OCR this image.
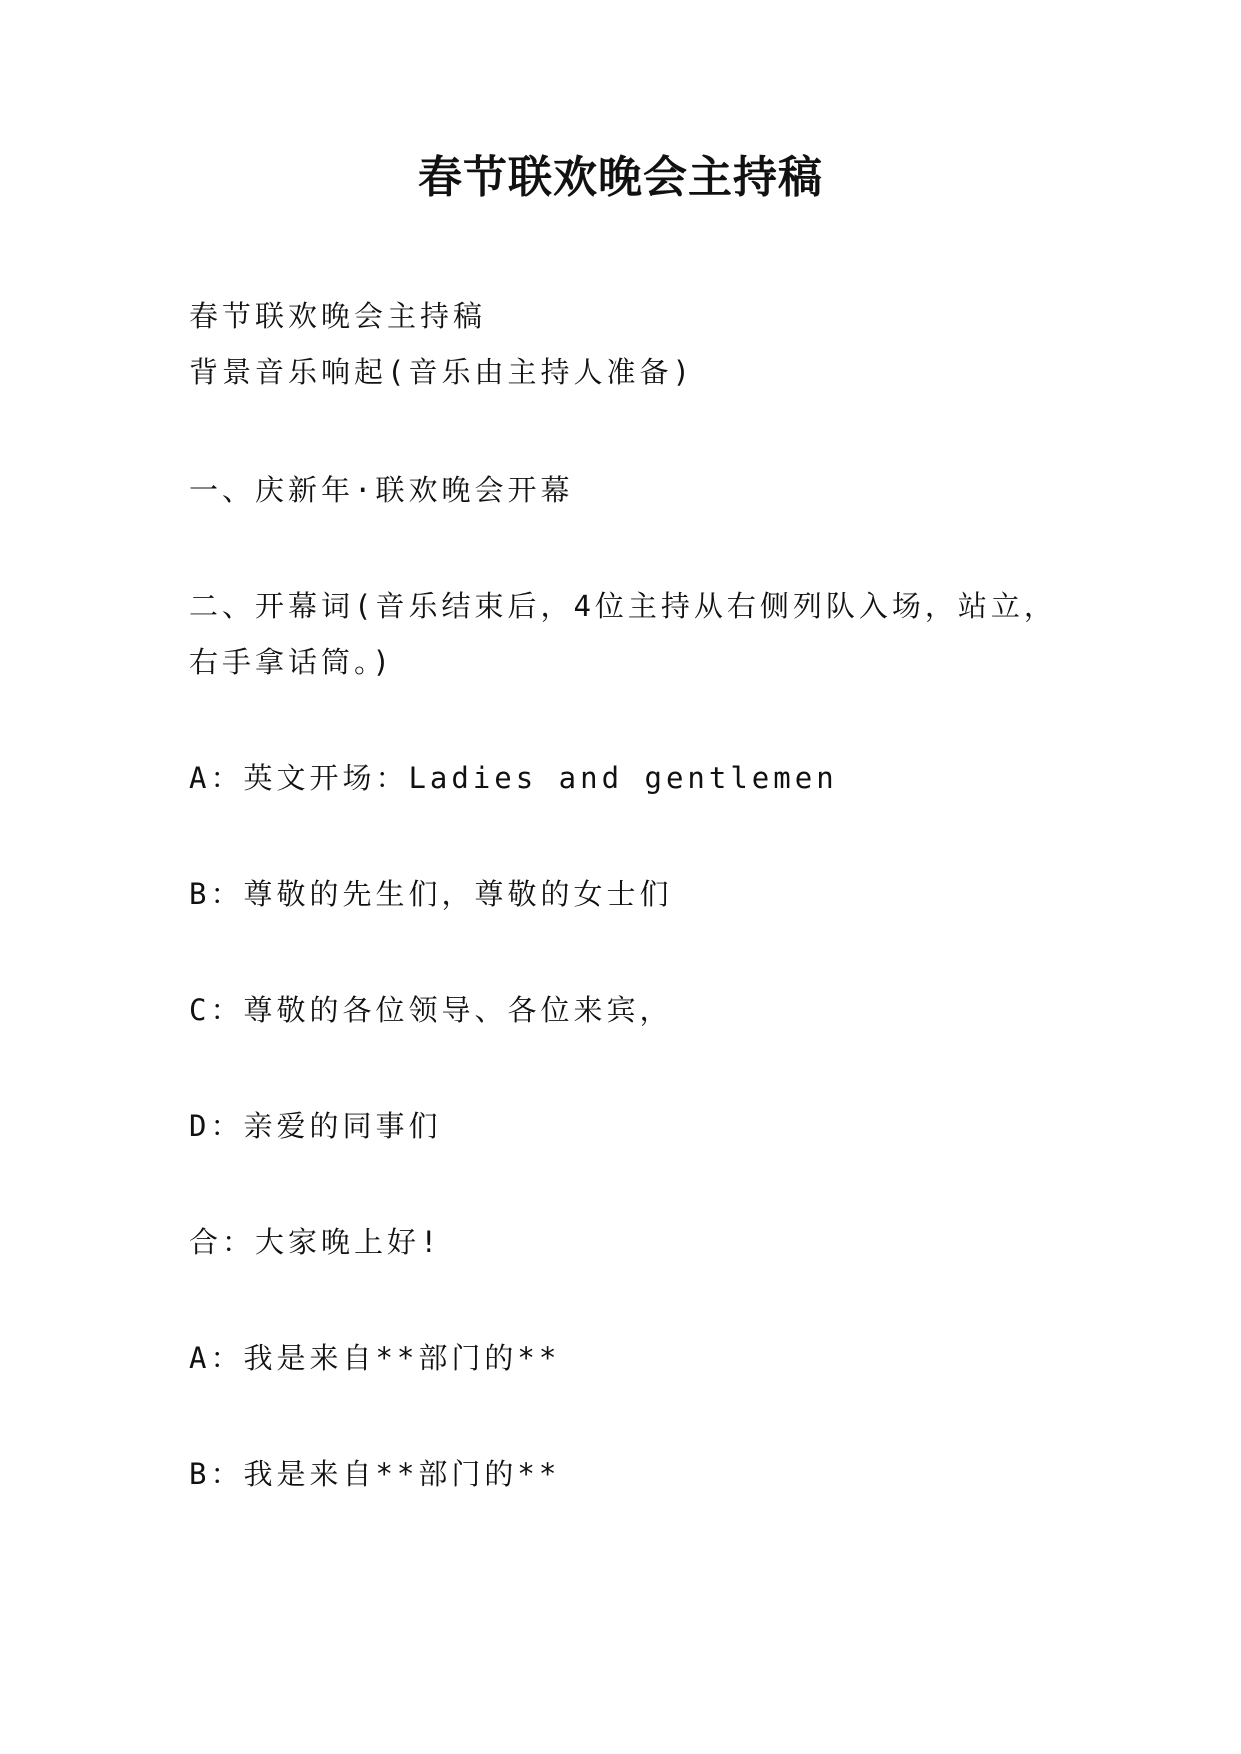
春节联欢晚会主持稿

春节联欢晚会主持稿

背景音乐响起(音乐由主持人准备)

一、庆新年·联欢晚会开幕

二、开幕词(音乐结束后，4位主持从右侧列队入场，站立，

右手拿话筒。)

A：英文开场：Ladies and gentlemen

B：尊敬的先生们，尊敬的女士们

C：尊敬的各位领导、各位来宾，

D：亲爱的同事们

合：大家晚上好!

A：我是来自**部门的**

B：我是来自**部门的**
